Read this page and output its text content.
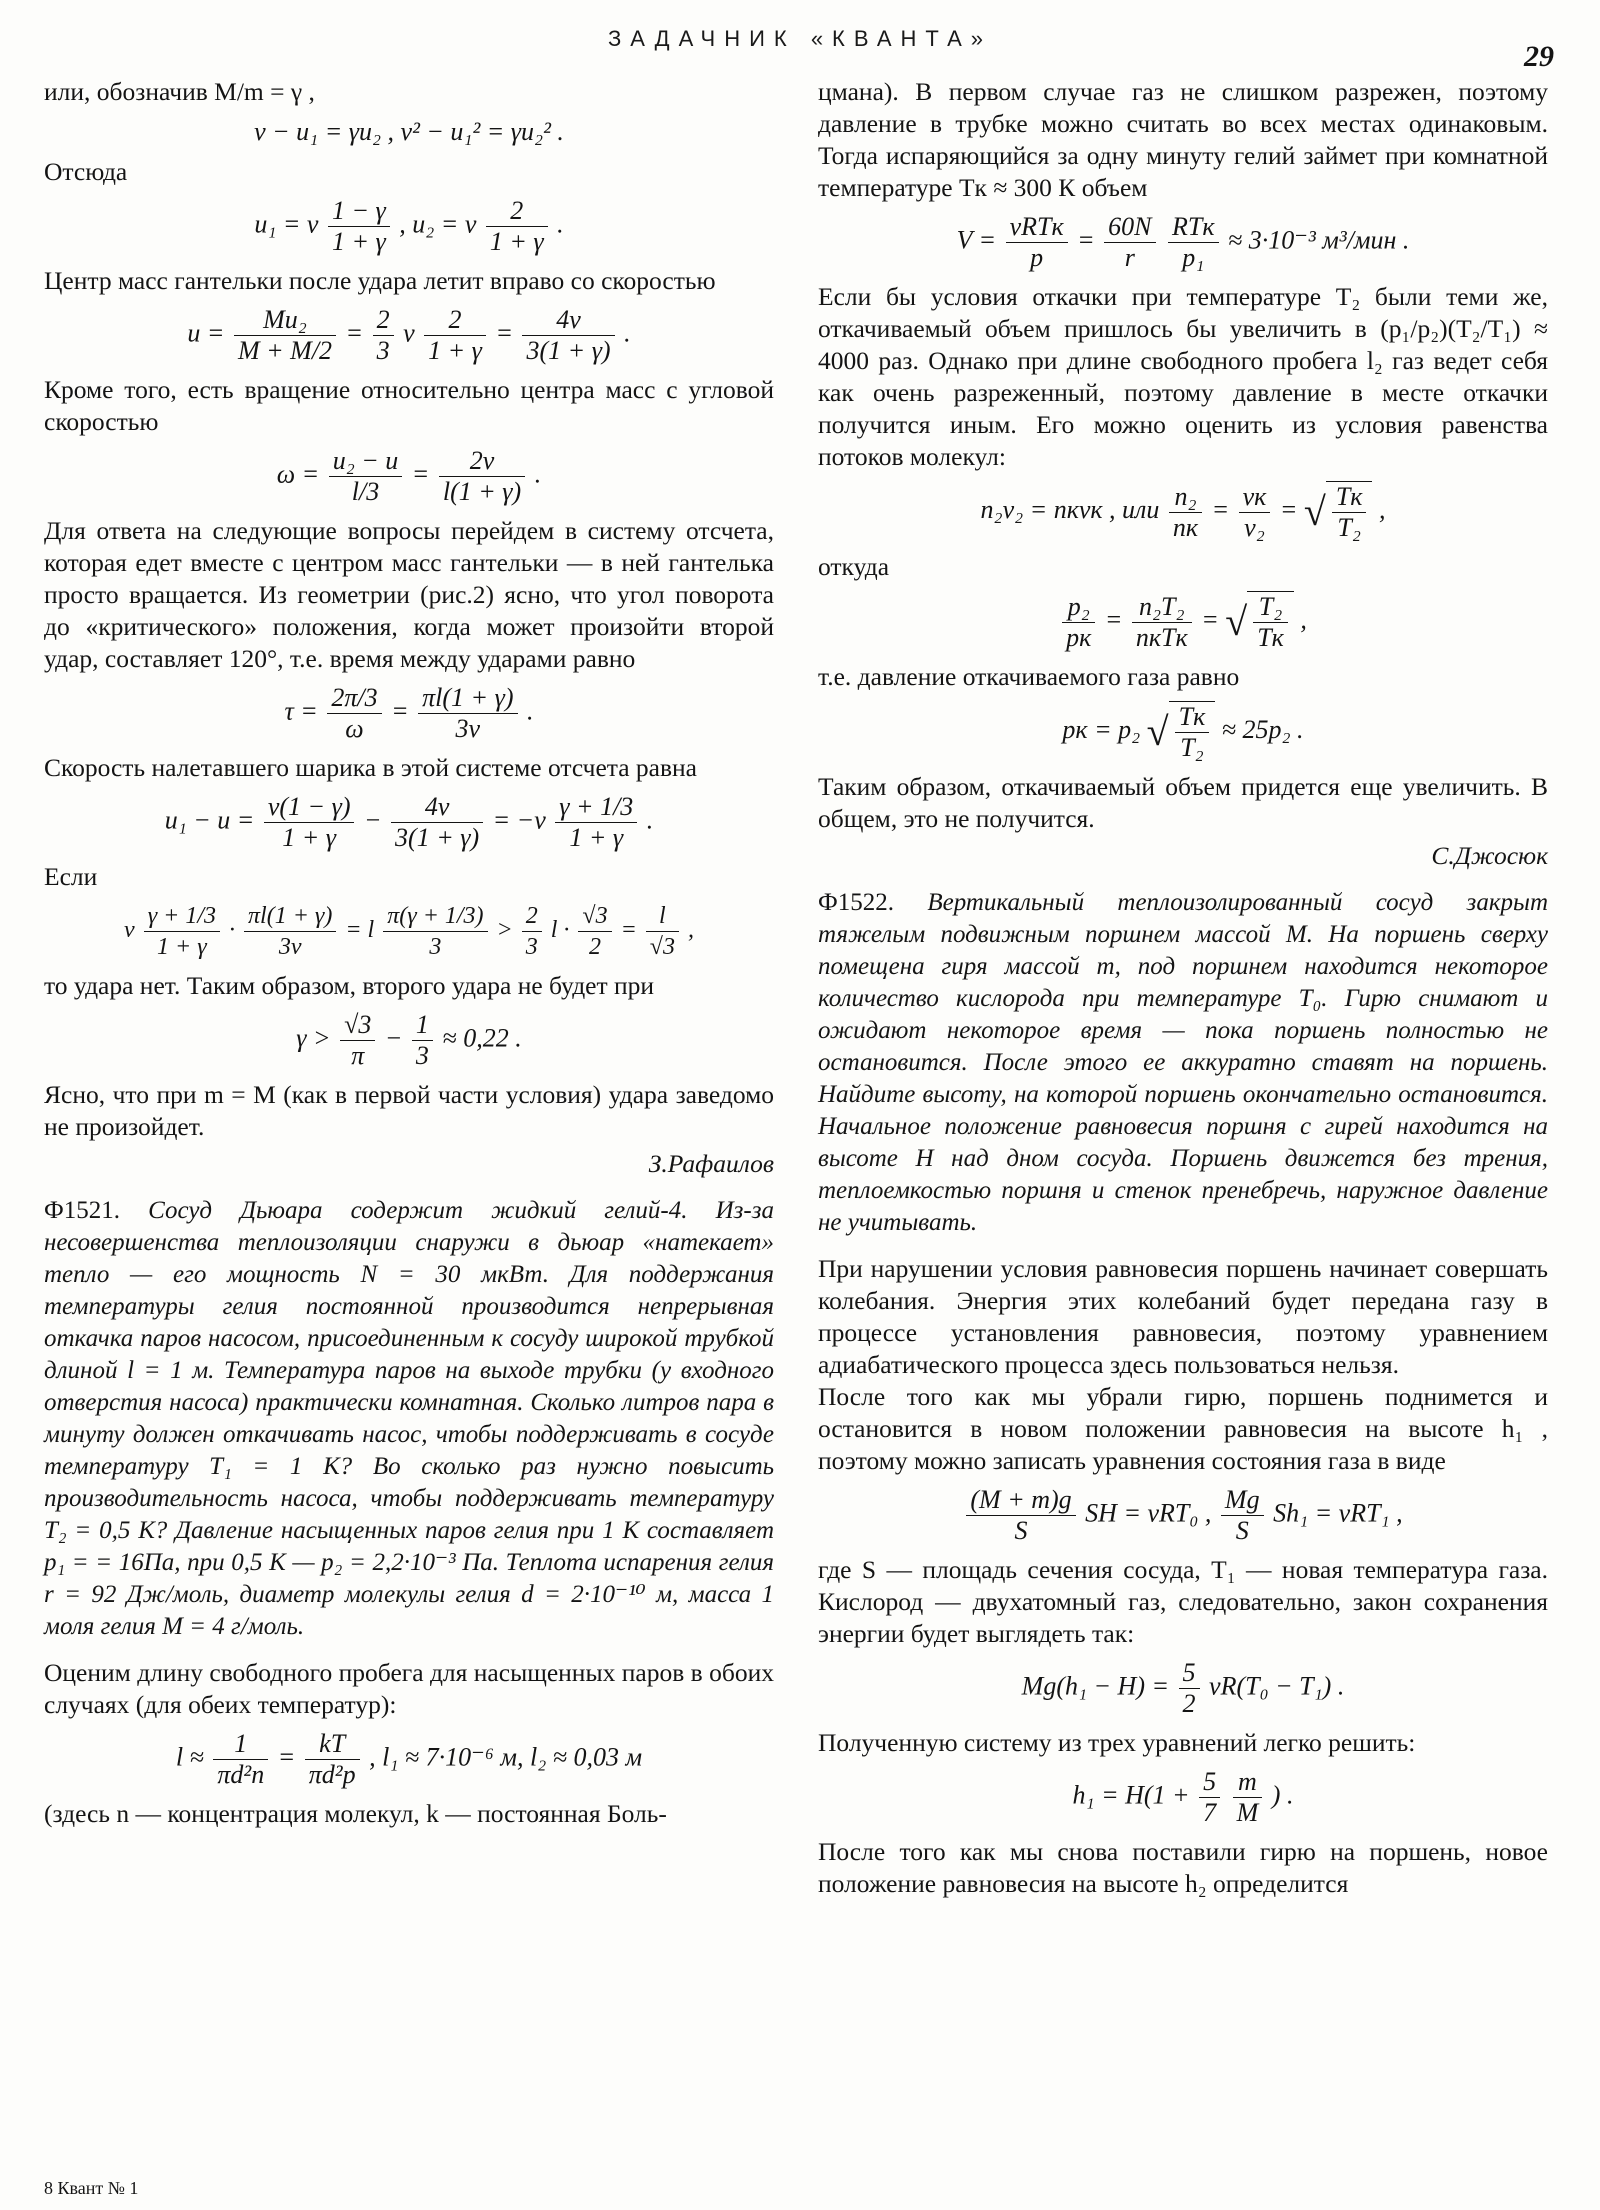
ЗАДАЧНИК «КВАНТА»
29

или, обозначив M/m = γ ,

v − u₁ = γu₂ , v² − u₁² = γu₂² .

Отсюда

u₁ = v $\frac{1 - \gamma}{1 + \gamma}$ , u₂ = v $\frac{2}{1 + \gamma}$ .

Центр масс гантельки после удара летит вправо со скоростью

$u = \frac{\text{Mu₂}}{M + M/2} = \frac{2}{3}$ v $\frac{2}{1 + \gamma} = \frac{4v}{3(1 + \gamma)}$ .

Кроме того, есть вращение относительно центра масс с угловой скоростью

$\omega = \frac{\text{u₂ − u}}{l/3} = \frac{2v}{l(1 + \gamma)}$ .

Для ответа на следующие вопросы перейдем в систему отсчета, которая едет вместе с центром масс гантельки — в ней гантелька просто вращается. Из геометрии (рис.2) ясно, что угол поворота до «критического» положения, когда может произойти второй удар, составляет 120°, т.е. время между ударами равно

$\tau = \frac{2\pi/3}{\omega} = \frac{\pi l(1 + \gamma)}{3v}$ .

Скорость налетавшего шарика в этой системе отсчета равна

$u_1 - u = \frac{v(1 - \gamma)}{1 + \gamma} - \frac{4v}{3(1 + \gamma)} = -v \frac{\gamma + 1/3}{1 + \gamma}$ .

Если

v $\frac{\gamma + 1/3}{1 + \gamma} \cdot \frac{\pi l(1 + \gamma)}{3v} = l \frac{\pi(\gamma + 1/3)}{3} > \frac{2}{3}$ $l \cdot \frac{√3}{2} = \frac{l}{√3}$ ,

то удара нет. Таким образом, второго удара не будет при

$\gamma > \frac{√3}{\pi} - \frac{1}{3} \approx 0,22$ .

Ясно, что при m = M (как в первой части условия) удара заведомо не произойдет.

З.Рафаилов
Ф1521. Сосуд Дьюара содержит жидкий гелий-4. Из-за несовершенства теплоизоляции снаружи в дьюар «натекает» тепло — его мощность N = 30 мкВт. Для поддержания температуры гелия постоянной производится непрерывная откачка паров насосом, присоединенным к сосуду широкой трубкой длиной l = 1 м. Температура паров на выходе трубки (у входного отверстия насоса) практически комнатная. Сколько литров пара в минуту должен откачивать насос, чтобы поддерживать в сосуде температуру T₁ = 1 К? Во сколько раз нужно повысить производительность насоса, чтобы поддерживать температуру T₂ = 0,5 К? Давление насыщенных паров гелия при 1 К составляет p₁ = = 16Па, при 0,5 К — p₂ = 2,2·10⁻³ Па. Теплота испарения гелия r = 92 Дж/моль, диаметр молекулы гелия d = 2·10⁻¹⁰ м, масса 1 моля гелия M = 4 г/моль.

Оценим длину свободного пробега для насыщенных паров в обоих случаях (для обеих температур):

$l \approx \frac{1}{\text{πd²n}} = \frac{kT}{\text{πd²p}}$ , l₁ ≈ 7·10⁻⁶ м, l₂ ≈ 0,03 м

(здесь n — концентрация молекул, k — постоянная Боль-

цмана). В первом случае газ не слишком разрежен, поэтому давление в трубке можно считать во всех местах одинаковым. Тогда испаряющийся за одну минуту гелий займет при комнатной температуре Tк ≈ 300 К объем

$V = \frac{\text{νRTк}}{p} = \frac{60N}{r}$
$\frac{\text{RTк}}{\text{p₁}} \approx 3\cdot 10^{-3}$ м³/мин .

Если бы условия откачки при температуре T₂ были теми же, откачиваемый объем пришлось бы увеличить в (p₁/p₂)(T₂/T₁) ≈ 4000 раз. Однако при длине свободного пробега l₂ газ ведет себя как очень разреженный, поэтому давление в месте откачки получится иным. Его можно оценить из условия равенства потоков молекул:

n₂v₂ = nкvк , или $\frac{\text{n₂}}{nк} = \frac{vк}{\text{v₂}}$ = √ $\frac{Tк}{\text{T₂}}$ ,

откуда

$\frac{\text{p₂}}{pк} = \frac{\text{n₂T₂}}{\text{nкTк}}$ = √ $\frac{\text{T₂}}{Tк}$ ,

т.е. давление откачиваемого газа равно

pк = p₂ √ $\frac{Tк}{\text{T₂}} \approx 25p_2$ .

Таким образом, откачиваемый объем придется еще увеличить. В общем, это не получится.

С.Джосюк
Ф1522. Вертикальный теплоизолированный сосуд закрыт тяжелым подвижным поршнем массой M. На поршень сверху помещена гиря массой m, под поршнем находится некоторое количество кислорода при температуре T₀. Гирю снимают и ожидают некоторое время — пока поршень полностью не остановится. После этого ее аккуратно ставят на поршень. Найдите высоту, на которой поршень окончательно остановится. Начальное положение равновесия поршня с гирей находится на высоте H над дном сосуда. Поршень движется без трения, теплоемкостью поршня и стенок пренебречь, наружное давление не учитывать.

При нарушении условия равновесия поршень начинает совершать колебания. Энергия этих колебаний будет передана газу в процессе установления равновесия, поэтому уравнением адиабатического процесса здесь пользоваться нельзя.

После того как мы убрали гирю, поршень поднимется и остановится в новом положении равновесия на высоте h₁ , поэтому можно записать уравнения состояния газа в виде

$\frac{(M + m)g}{S}$ SH = νRT₀ , $\frac{Mg}{S} Sh_1 = \nu RT_1$ ,

где S — площадь сечения сосуда, T₁ — новая температура газа. Кислород — двухатомный газ, следовательно, закон сохранения энергии будет выглядеть так:

$Mg(h_1 - H) = \frac{5}{2} \nu R(T_0 - T_1)$ .

Полученную систему из трех уравнений легко решить:

$h_1 = H(1 + \frac{5}{7}$
$\frac{m}{M}$ ) .

После того как мы снова поставили гирю на поршень, новое положение равновесия на высоте h₂ определится

8 Квант № 1
